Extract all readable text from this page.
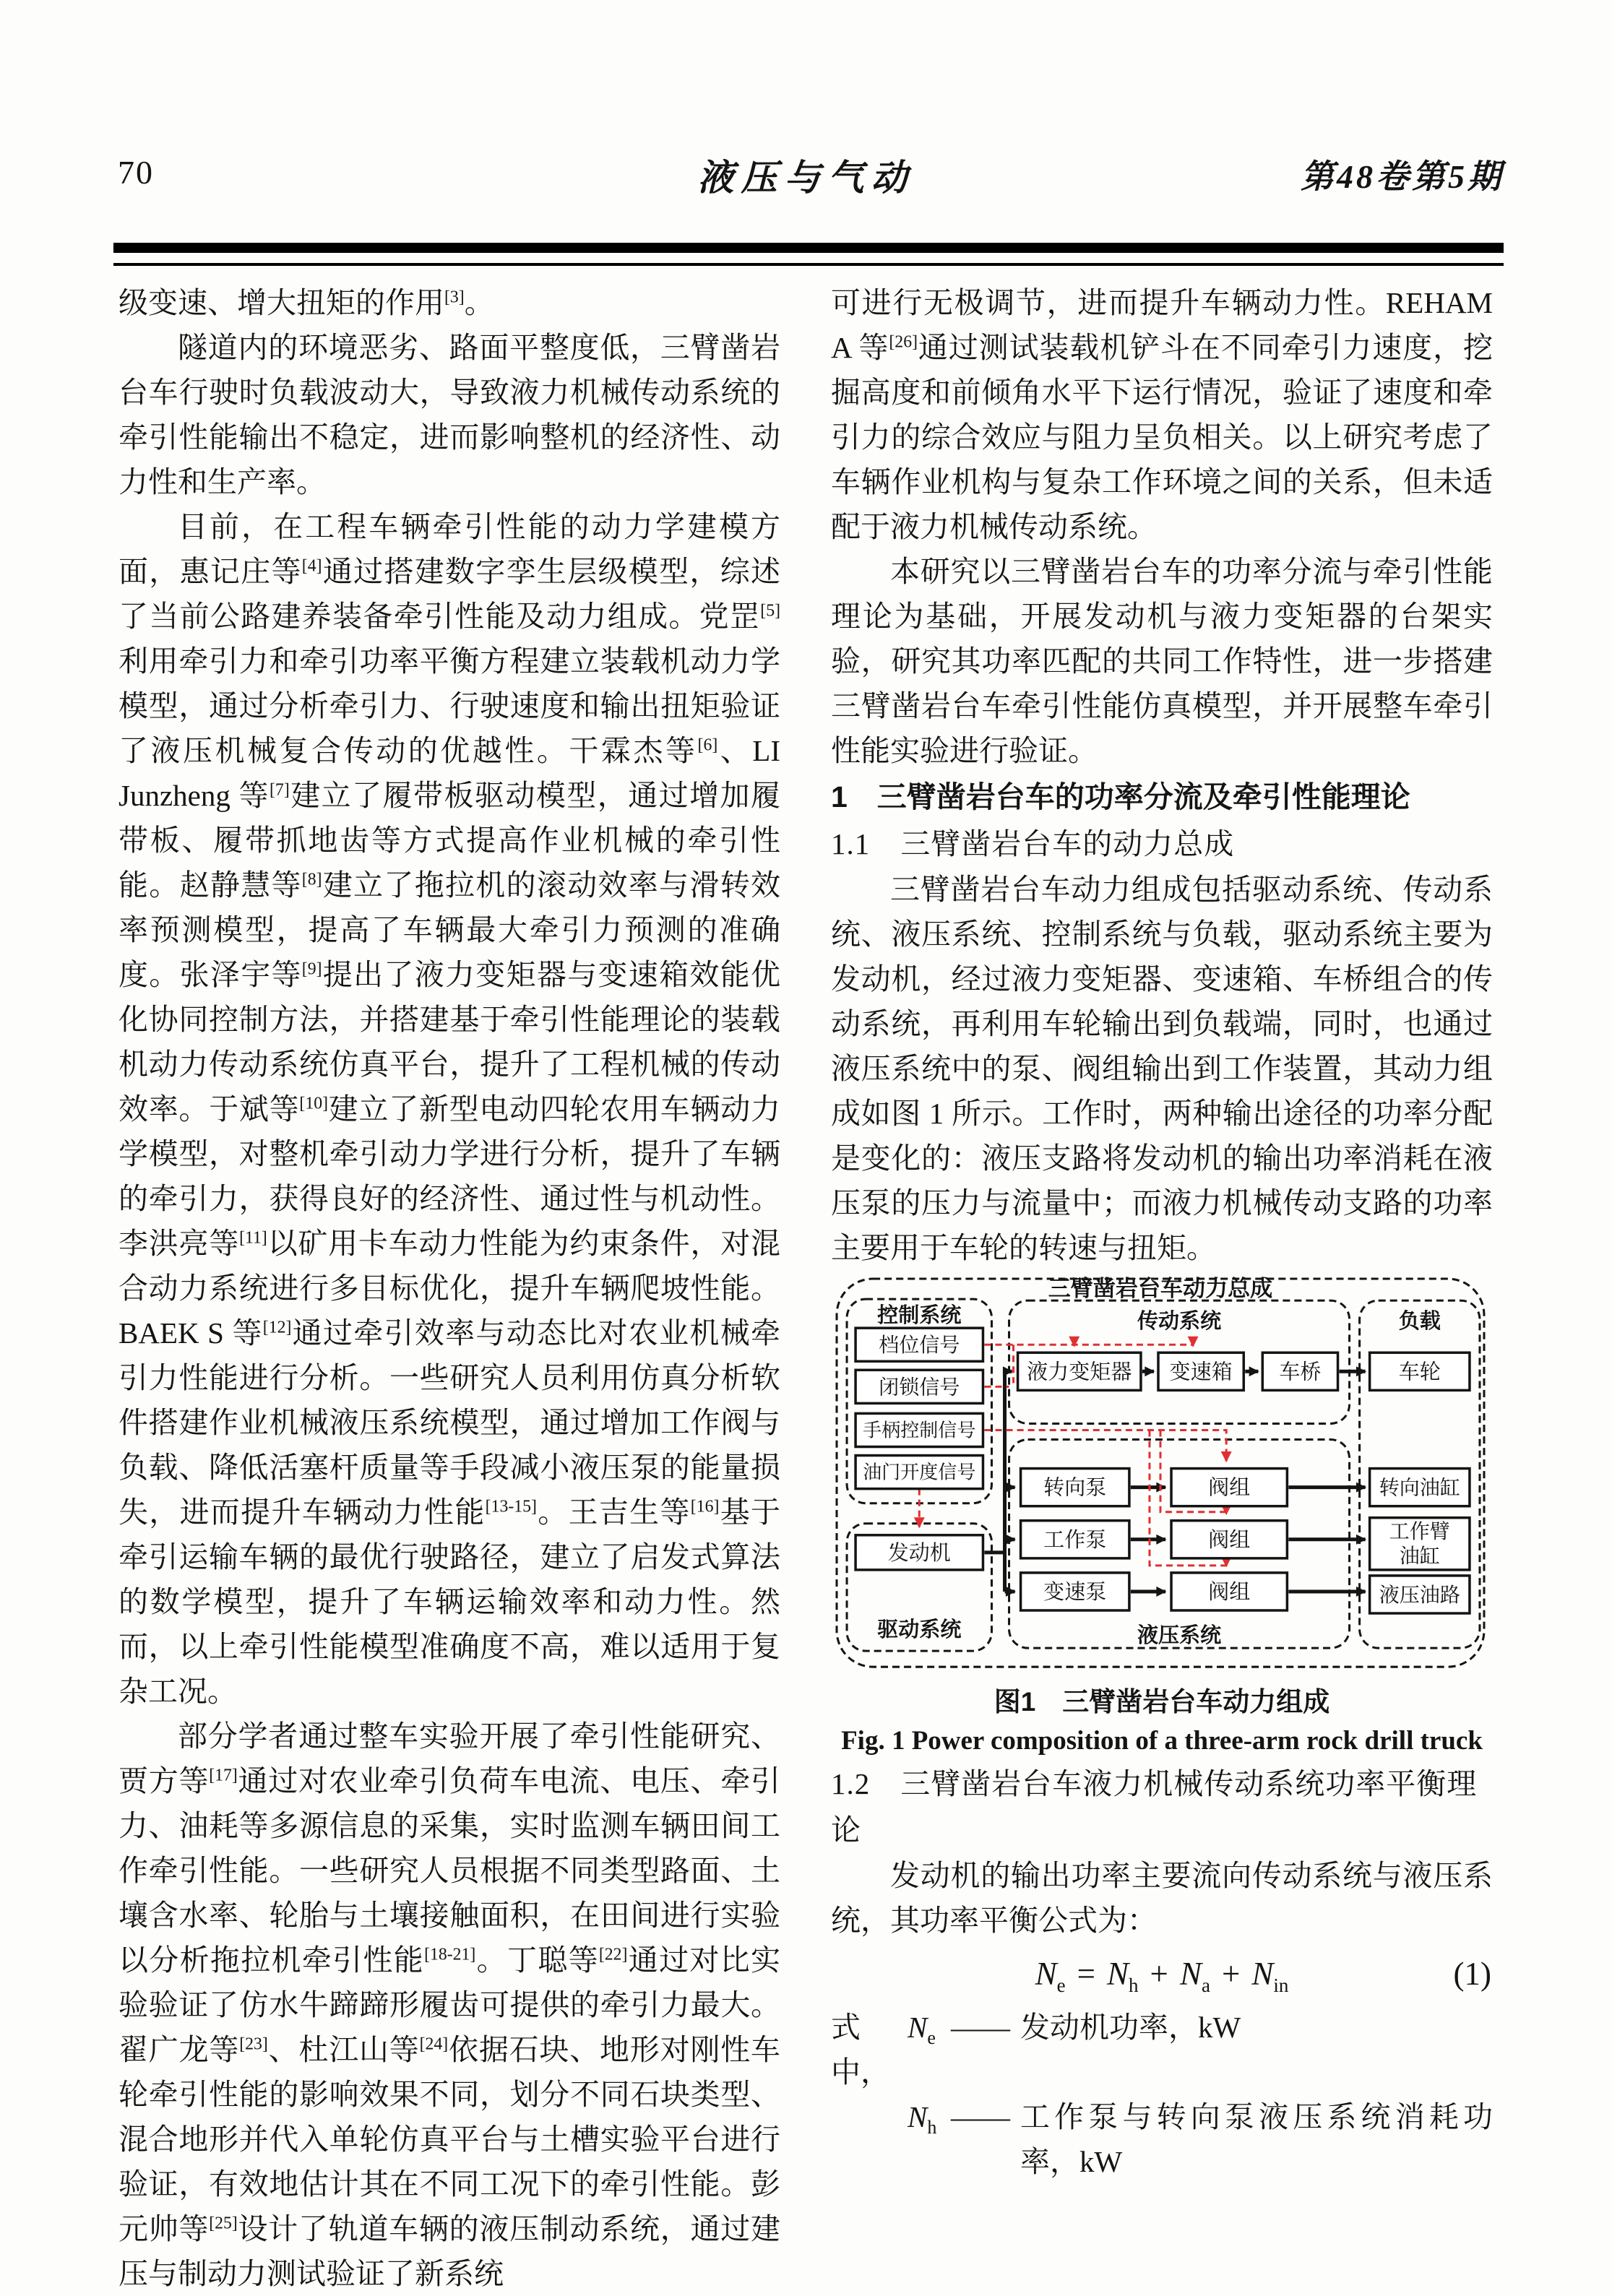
70	液压与气动	第48卷第5期

级变速、增大扭矩的作用[3]。

隧道内的环境恶劣、路面平整度低，三臂凿岩台车行驶时负载波动大，导致液力机械传动系统的牵引性能输出不稳定，进而影响整机的经济性、动力性和生产率。

目前，在工程车辆牵引性能的动力学建模方面，惠记庄等[4]通过搭建数字孪生层级模型，综述了当前公路建养装备牵引性能及动力组成。党罡[5]利用牵引力和牵引功率平衡方程建立装载机动力学模型，通过分析牵引力、行驶速度和输出扭矩验证了液压机械复合传动的优越性。干霖杰等[6]、LI Junzheng 等[7]建立了履带板驱动模型，通过增加履带板、履带抓地齿等方式提高作业机械的牵引性能。赵静慧等[8]建立了拖拉机的滚动效率与滑转效率预测模型，提高了车辆最大牵引力预测的准确度。张泽宇等[9]提出了液力变矩器与变速箱效能优化协同控制方法，并搭建基于牵引性能理论的装载机动力传动系统仿真平台，提升了工程机械的传动效率。于斌等[10]建立了新型电动四轮农用车辆动力学模型，对整机牵引动力学进行分析，提升了车辆的牵引力，获得良好的经济性、通过性与机动性。李洪亮等[11]以矿用卡车动力性能为约束条件，对混合动力系统进行多目标优化，提升车辆爬坡性能。BAEK S 等[12]通过牵引效率与动态比对农业机械牵引力性能进行分析。一些研究人员利用仿真分析软件搭建作业机械液压系统模型，通过增加工作阀与负载、降低活塞杆质量等手段减小液压泵的能量损失，进而提升车辆动力性能[13-15]。王吉生等[16]基于牵引运输车辆的最优行驶路径，建立了启发式算法的数学模型，提升了车辆运输效率和动力性。然而，以上牵引性能模型准确度不高，难以适用于复杂工况。

部分学者通过整车实验开展了牵引性能研究、贾方等[17]通过对农业牵引负荷车电流、电压、牵引力、油耗等多源信息的采集，实时监测车辆田间工作牵引性能。一些研究人员根据不同类型路面、土壤含水率、轮胎与土壤接触面积，在田间进行实验以分析拖拉机牵引性能[18-21]。丁聪等[22]通过对比实验验证了仿水牛蹄蹄形履齿可提供的牵引力最大。翟广龙等[23]、杜江山等[24]依据石块、地形对刚性车轮牵引性能的影响效果不同，划分不同石块类型、混合地形并代入单轮仿真平台与土槽实验平台进行验证，有效地估计其在不同工况下的牵引性能。彭元帅等[25]设计了轨道车辆的液压制动系统，通过建压与制动力测试验证了新系统

可进行无极调节，进而提升车辆动力性。REHAM A 等[26]通过测试装载机铲斗在不同牵引力速度，挖掘高度和前倾角水平下运行情况，验证了速度和牵引力的综合效应与阻力呈负相关。以上研究考虑了车辆作业机构与复杂工作环境之间的关系，但未适配于液力机械传动系统。

本研究以三臂凿岩台车的功率分流与牵引性能理论为基础，开展发动机与液力变矩器的台架实验，研究其功率匹配的共同工作特性，进一步搭建三臂凿岩台车牵引性能仿真模型，并开展整车牵引性能实验进行验证。

1　三臂凿岩台车的功率分流及牵引性能理论
1.1　三臂凿岩台车的动力总成

三臂凿岩台车动力组成包括驱动系统、传动系统、液压系统、控制系统与负载，驱动系统主要为发动机，经过液力变矩器、变速箱、车桥组合的传动系统，再利用车轮输出到负载端，同时，也通过液压系统中的泵、阀组输出到工作装置，其动力组成如图 1 所示。工作时，两种输出途径的功率分配是变化的：液压支路将发动机的输出功率消耗在液压泵的压力与流量中；而液力机械传动支路的功率主要用于车轮的转速与扭矩。

三臂凿岩台车动力总成
控制系统	传动系统	负载
驱动系统	液压系统
档位信号
闭锁信号
手柄控制信号
油门开度信号
液力变矩器 变速箱 车桥	车轮
发动机
转向泵
工作泵
变速泵
阀组
阀组
阀组
转向油缸
工作臂
油缸
液压油路
图1　三臂凿岩台车动力组成
Fig. 1 Power composition of a three-arm rock drill truck
1.2　三臂凿岩台车液力机械传动系统功率平衡理论

发动机的输出功率主要流向传动系统与液压系统，其功率平衡公式为：

$N_e = N_h + N_a + N_{in}$	(1)
式中，
$N_e$ —— 发动机功率，kW
$N_h$ —— 工作泵与转向泵液压系统消耗功率，kW
